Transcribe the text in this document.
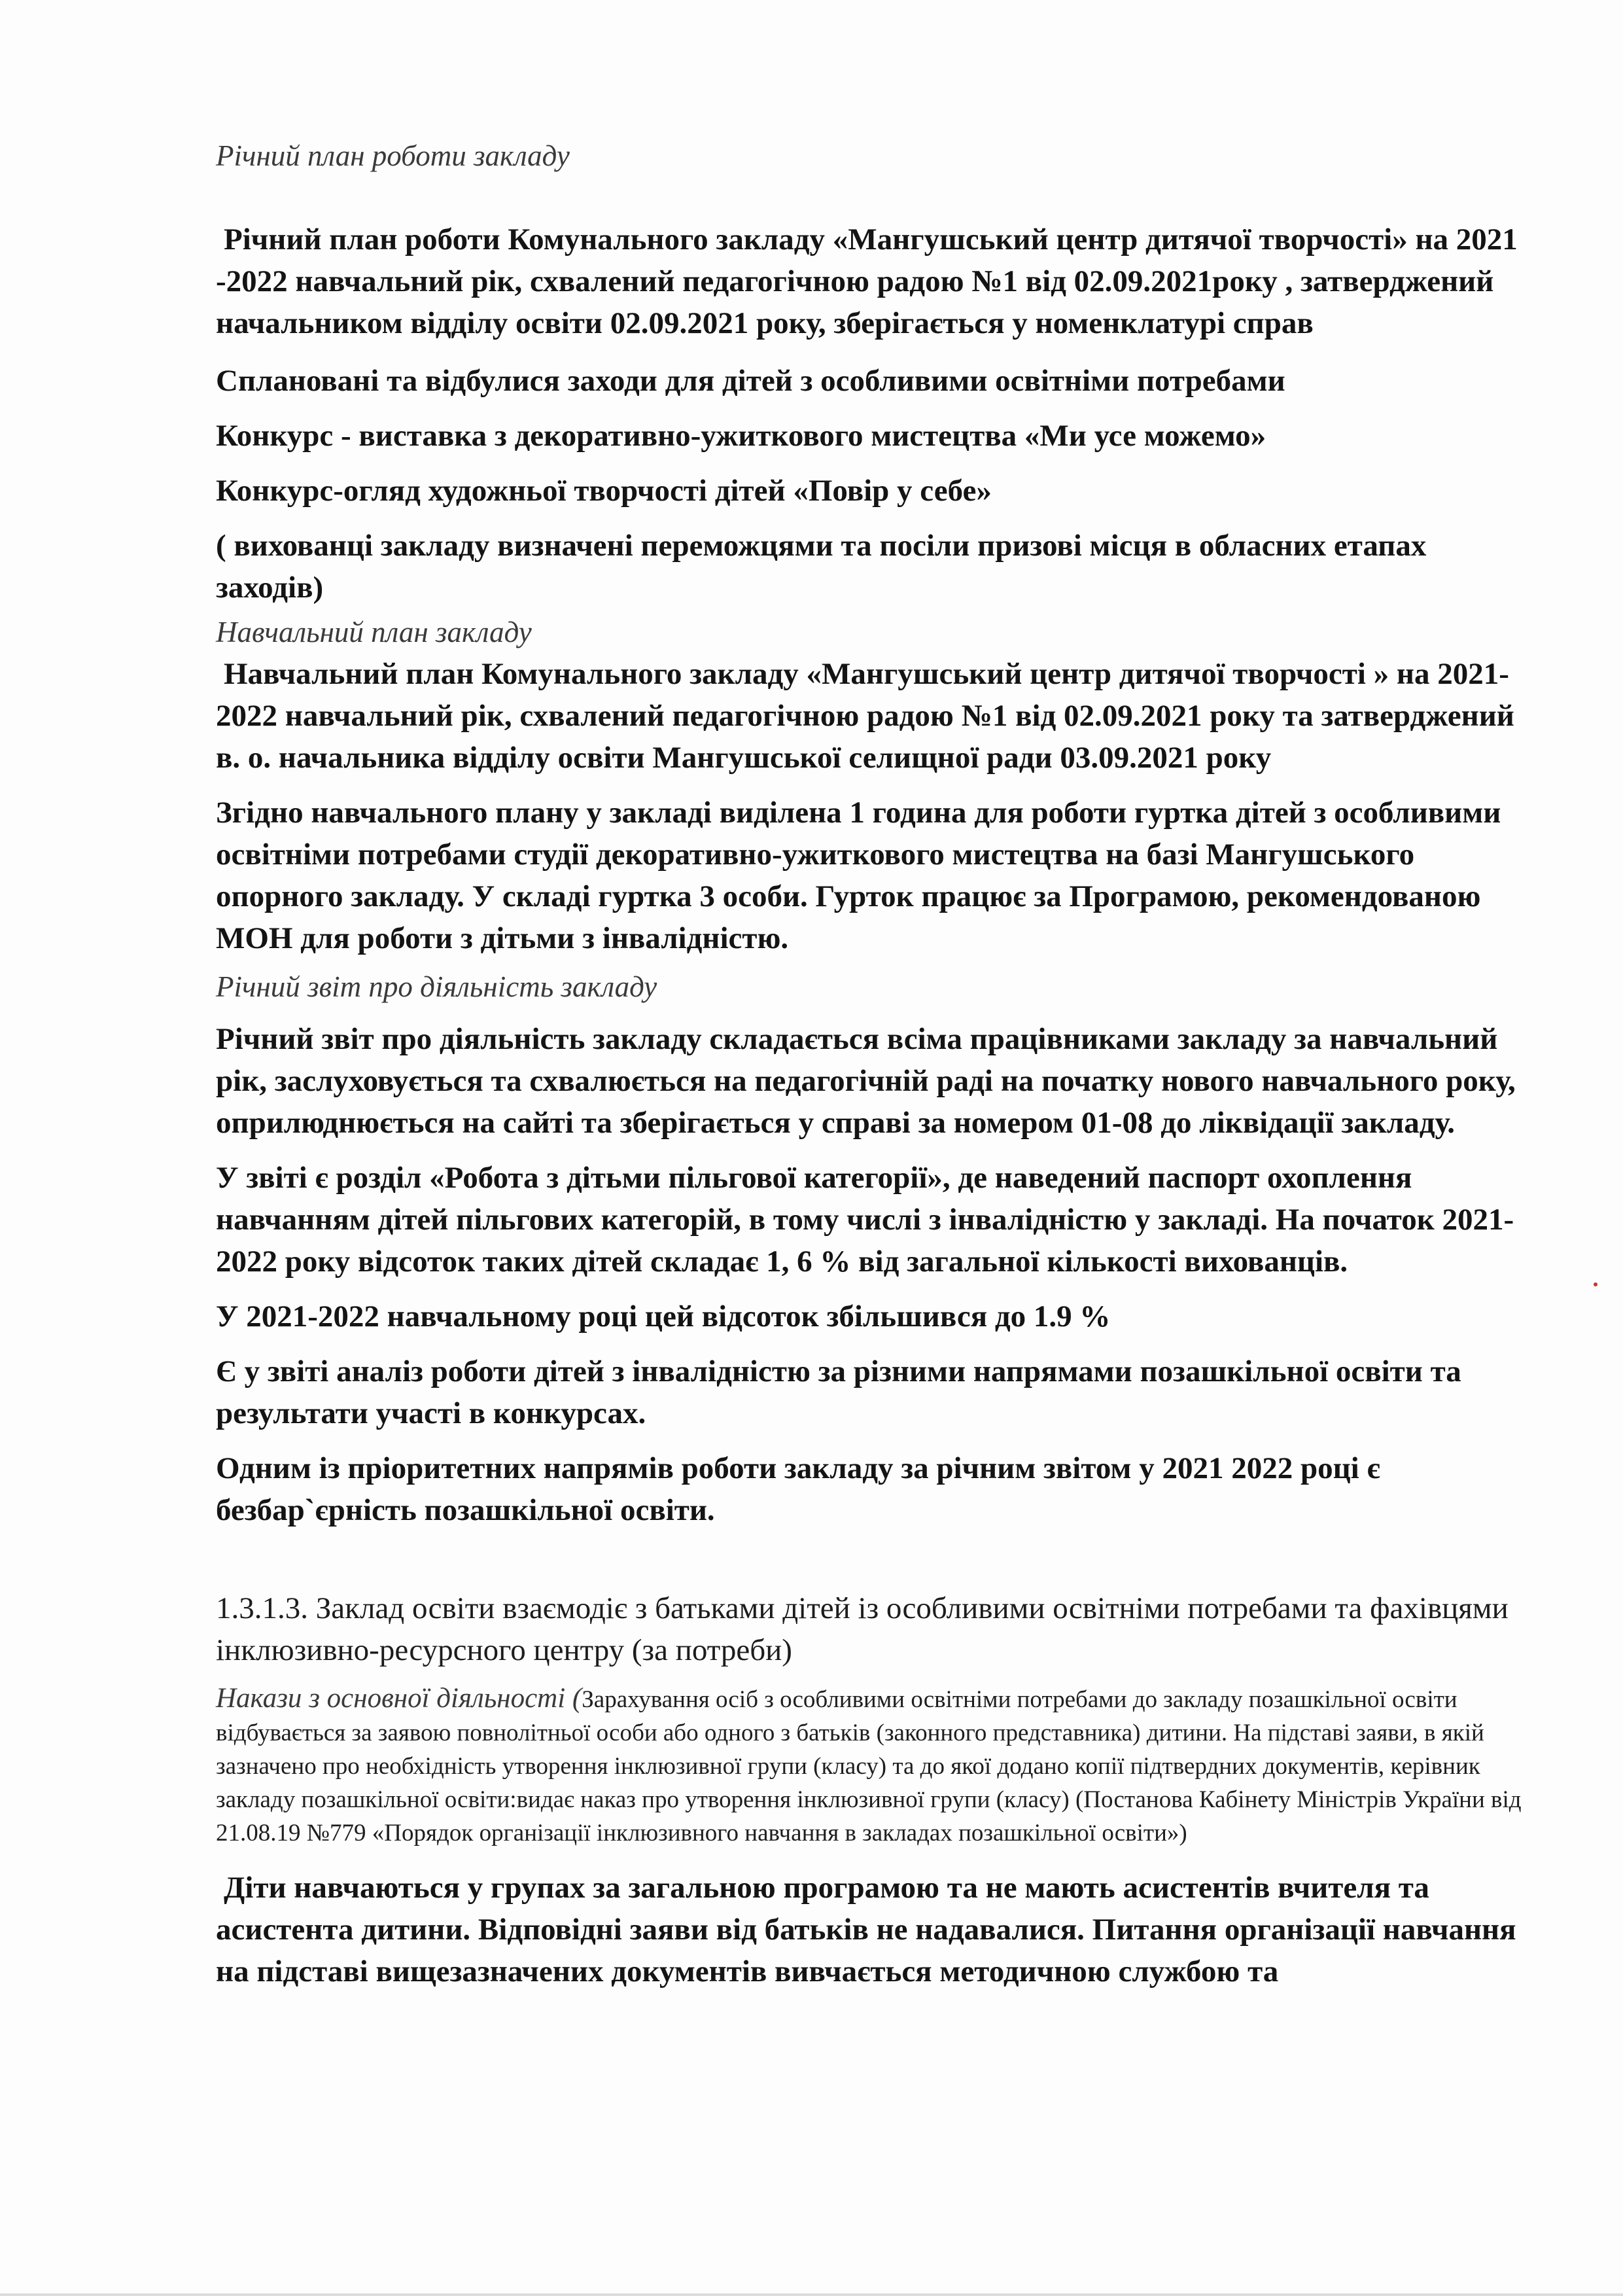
Річний план роботи закладу

Річний план роботи Комунального закладу «Мангушський центр дитячої творчості» на 2021 -2022 навчальний рік, схвалений педагогічною радою №1 від 02.09.2021року , затверджений начальником відділу освіти 02.09.2021 року, зберігається у номенклатурі справ

Сплановані та відбулися заходи для дітей з особливими освітніми потребами

Конкурс - виставка з декоративно-ужиткового мистецтва «Ми усе можемо»

Конкурс-огляд художньої творчості дітей «Повір у себе»

( вихованці закладу визначені переможцями та посіли призові місця в обласних етапах заходів)

Навчальний план закладу

Навчальний план Комунального закладу «Мангушський центр дитячої творчості » на 2021-2022 навчальний рік, схвалений педагогічною радою №1 від 02.09.2021 року та затверджений в. о. начальника відділу освіти Мангушської селищної ради 03.09.2021 року

Згідно навчального плану у закладі виділена 1 година для роботи гуртка дітей з особливими освітніми потребами студії декоративно-ужиткового мистецтва на базі Мангушського опорного закладу. У складі гуртка 3 особи. Гурток працює за Програмою, рекомендованою МОН для роботи з дітьми з інвалідністю.

Річний звіт про діяльність закладу

Річний звіт про діяльність закладу складається всіма працівниками закладу за навчальний рік, заслуховується та схвалюється на педагогічній раді на початку нового навчального року, оприлюднюється на сайті та зберігається у справі за номером 01-08 до ліквідації закладу.

У звіті є розділ «Робота з дітьми пільгової категорії», де наведений паспорт охоплення навчанням дітей пільгових категорій, в тому числі з інвалідністю у закладі. На початок 2021-2022 року відсоток таких дітей складає 1, 6 % від загальної кількості вихованців.

У 2021-2022 навчальному році цей відсоток збільшився до 1.9 %

Є у звіті аналіз роботи дітей з інвалідністю за різними напрямами позашкільної освіти та результати участі в конкурсах.

Одним із пріоритетних напрямів роботи закладу за річним звітом у 2021 2022 році є безбар`єрність позашкільної освіти.

1.3.1.3. Заклад освіти взаємодіє з батьками дітей із особливими освітніми потребами та фахівцями інклюзивно-ресурсного центру (за потреби)

Накази з основної діяльності (Зарахування осіб з особливими освітніми потребами до закладу позашкільної освіти відбувається за заявою повнолітньої особи або одного з батьків (законного представника) дитини. На підставі заяви, в якій зазначено про необхідність утворення інклюзивної групи (класу) та до якої додано копії підтвердних документів, керівник закладу позашкільної освіти:видає наказ про утворення інклюзивної групи (класу) (Постанова Кабінету Міністрів України від 21.08.19 №779 «Порядок організації інклюзивного навчання в закладах позашкільної освіти»)

Діти навчаються у групах за загальною програмою та не мають асистентів вчителя та асистента дитини. Відповідні заяви від батьків не надавалися. Питання організації навчання на підставі вищезазначених документів вивчається методичною службою та
